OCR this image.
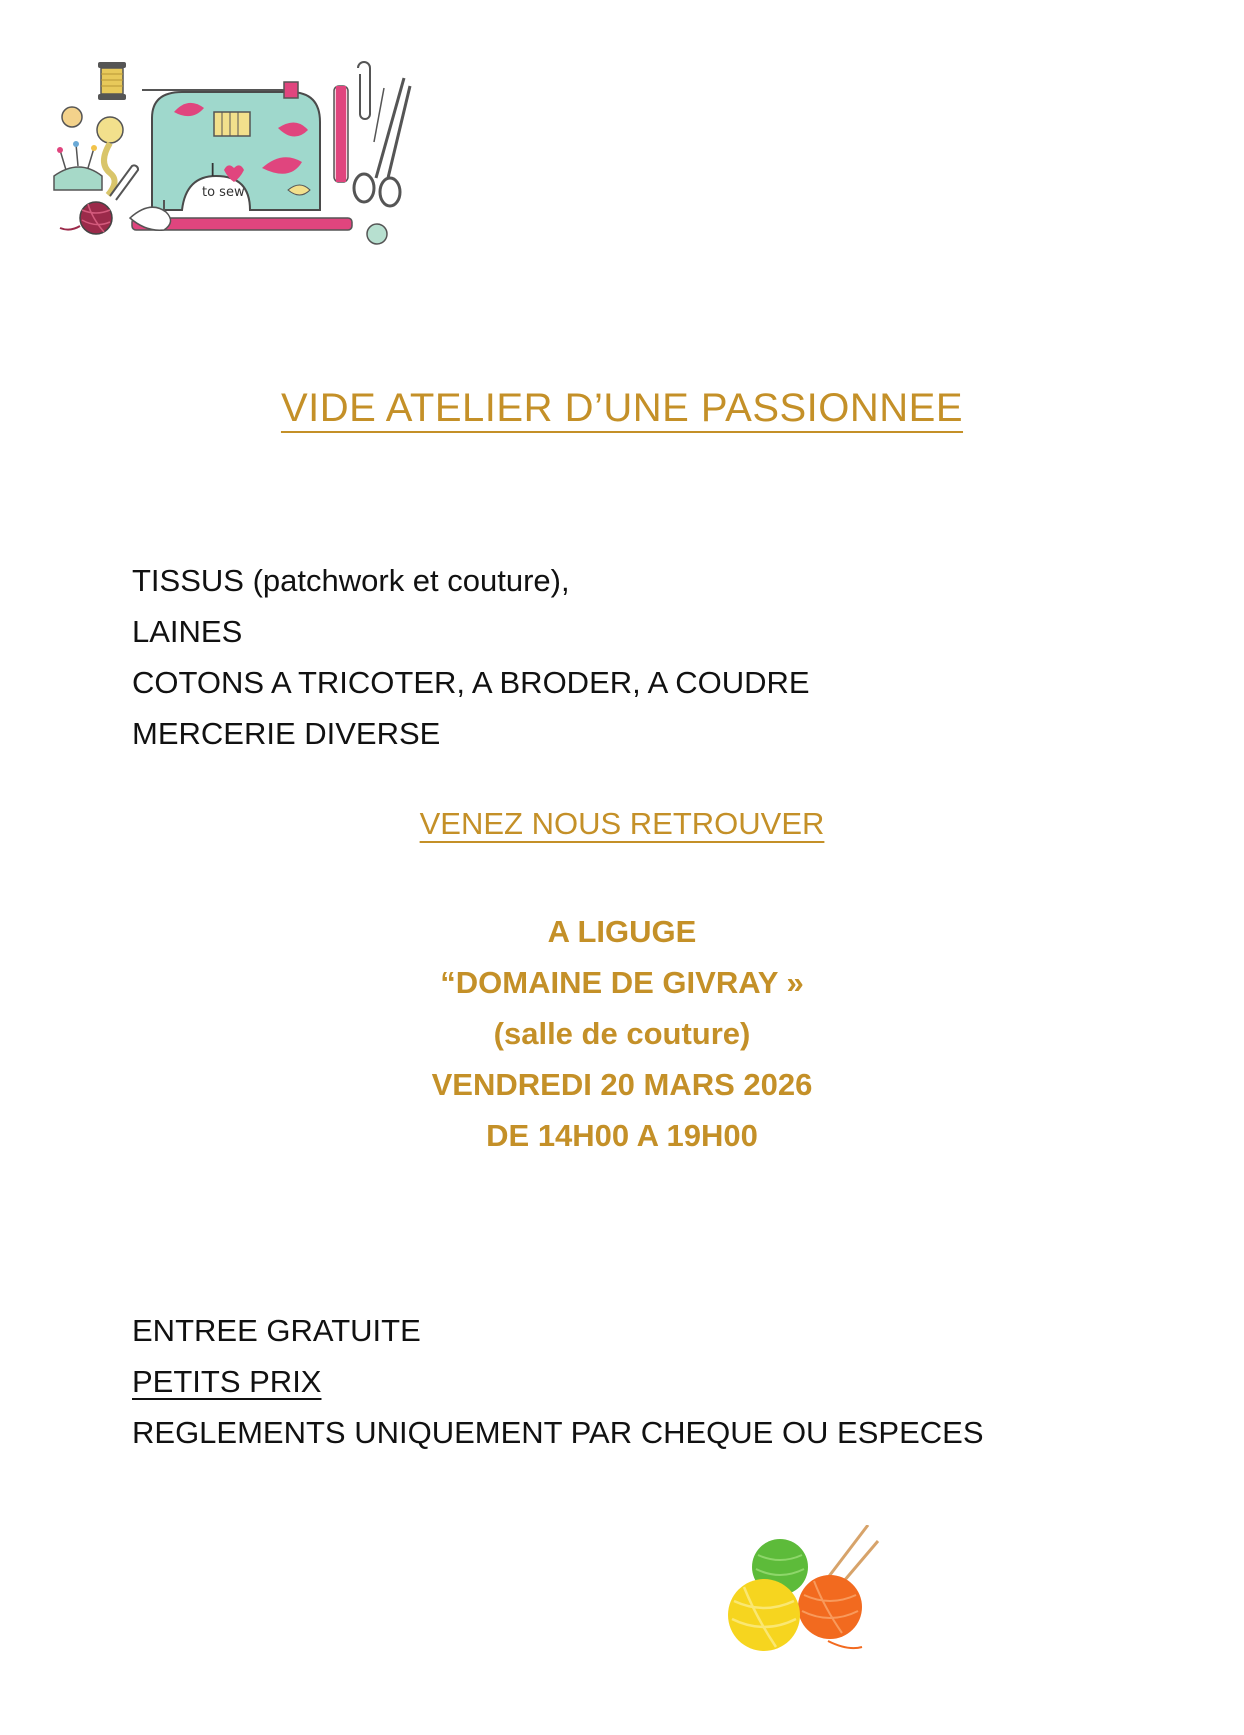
I
to sew
VIDE ATELIER D’UNE PASSIONNEE
TISSUS (patchwork et couture),
LAINES
COTONS A TRICOTER, A BRODER, A COUDRE
MERCERIE DIVERSE
VENEZ NOUS RETROUVER
A LIGUGE
“DOMAINE DE GIVRAY »
(salle de couture)
VENDREDI 20 MARS 2026
DE 14H00 A 19H00
ENTREE GRATUITE
PETITS PRIX
REGLEMENTS UNIQUEMENT PAR CHEQUE OU ESPECES
